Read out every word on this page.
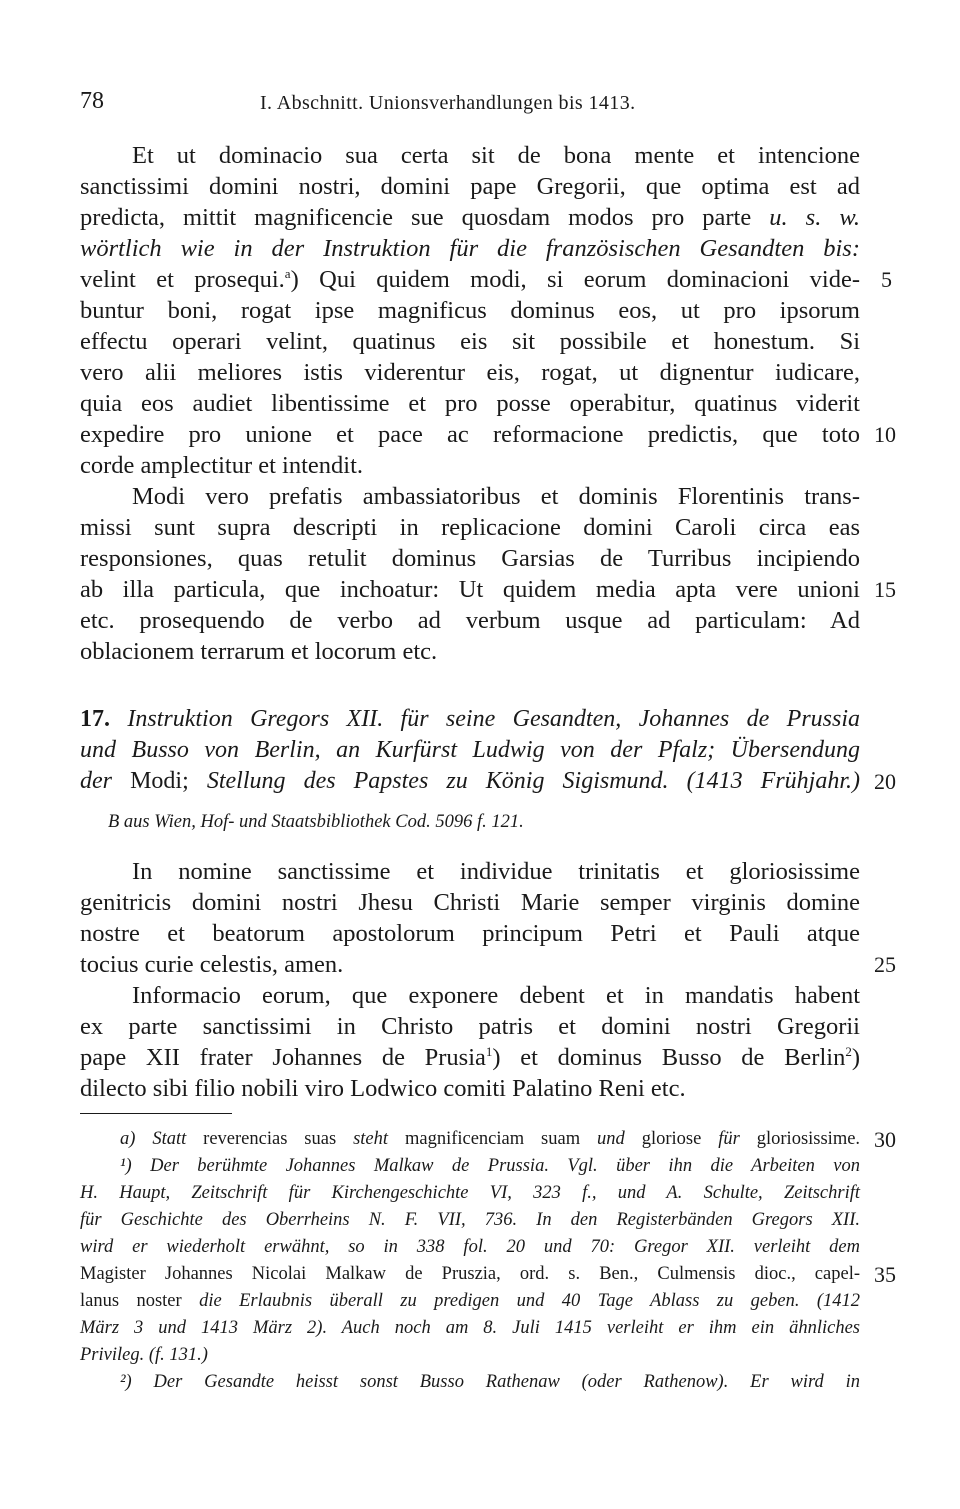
78	I. Abschnitt. Unionsverhandlungen bis 1413.
Et ut dominacio sua certa sit de bona mente et intencione
sanctissimi domini nostri, domini pape Gregorii, que optima est ad
predicta, mittit magnificencie sue quosdam modos pro parte u. s. w.
wörtlich wie in der Instruktion für die französischen Gesandten bis:
velint et prosequi.$^a$) Qui quidem modi, si eorum dominacioni vide- 5
buntur boni, rogat ipse magnificus dominus eos, ut pro ipsorum
effectu operari velint, quatinus eis sit possibile et honestum. Si
vero alii meliores istis viderentur eis, rogat, ut dignentur iudicare,
quia eos audiet libentissime et pro posse operabitur, quatinus viderit
expedire pro unione et pace ac reformacione predictis, que toto 10
corde amplectitur et intendit.
Modi vero prefatis ambassiatoribus et dominis Florentinis trans-
missi sunt supra descripti in replicacione domini Caroli circa eas
responsiones, quas retulit dominus Garsias de Turribus incipiendo
ab illa particula, que inchoatur: Ut quidem media apta vere unioni 15
etc. prosequendo de verbo ad verbum usque ad particulam: Ad
oblacionem terrarum et locorum etc.
17. Instruktion Gregors XII. für seine Gesandten, Johannes de Prussia
und Busso von Berlin, an Kurfürst Ludwig von der Pfalz; Übersendung
der Modi; Stellung des Papstes zu König Sigismund. (1413 Frühjahr.) 20
B aus Wien, Hof- und Staatsbibliothek Cod. 5096 f. 121.
In nomine sanctissime et individue trinitatis et gloriosissime
genitricis domini nostri Jhesu Christi Marie semper virginis domine
nostre et beatorum apostolorum principum Petri et Pauli atque
tocius curie celestis, amen.	25
Informacio eorum, que exponere debent et in mandatis habent
ex parte sanctissimi in Christo patris et domini nostri Gregorii
pape XII frater Johannes de Prusia$^1$) et dominus Busso de Berlin$^2$)
dilecto sibi filio nobili viro Lodwico comiti Palatino Reni etc.
a) Statt reverencias suas steht magnificenciam suam und gloriose für gloriosissime. 30
¹) Der berühmte Johannes Malkaw de Prussia. Vgl. über ihn die Arbeiten von
H. Haupt, Zeitschrift für Kirchengeschichte VI, 323 f., und A. Schulte, Zeitschrift
für Geschichte des Oberrheins N. F. VII, 736. In den Registerbänden Gregors XII.
wird er wiederholt erwähnt, so in 338 fol. 20 und 70: Gregor XII. verleiht dem
Magister Johannes Nicolai Malkaw de Pruszia, ord. s. Ben., Culmensis dioc., capel- 35
lanus noster die Erlaubnis überall zu predigen und 40 Tage Ablass zu geben. (1412
März 3 und 1413 März 2). Auch noch am 8. Juli 1415 verleiht er ihm ein ähnliches
Privileg. (f. 131.)
²) Der Gesandte heisst sonst Busso Rathenaw (oder Rathenow). Er wird in
